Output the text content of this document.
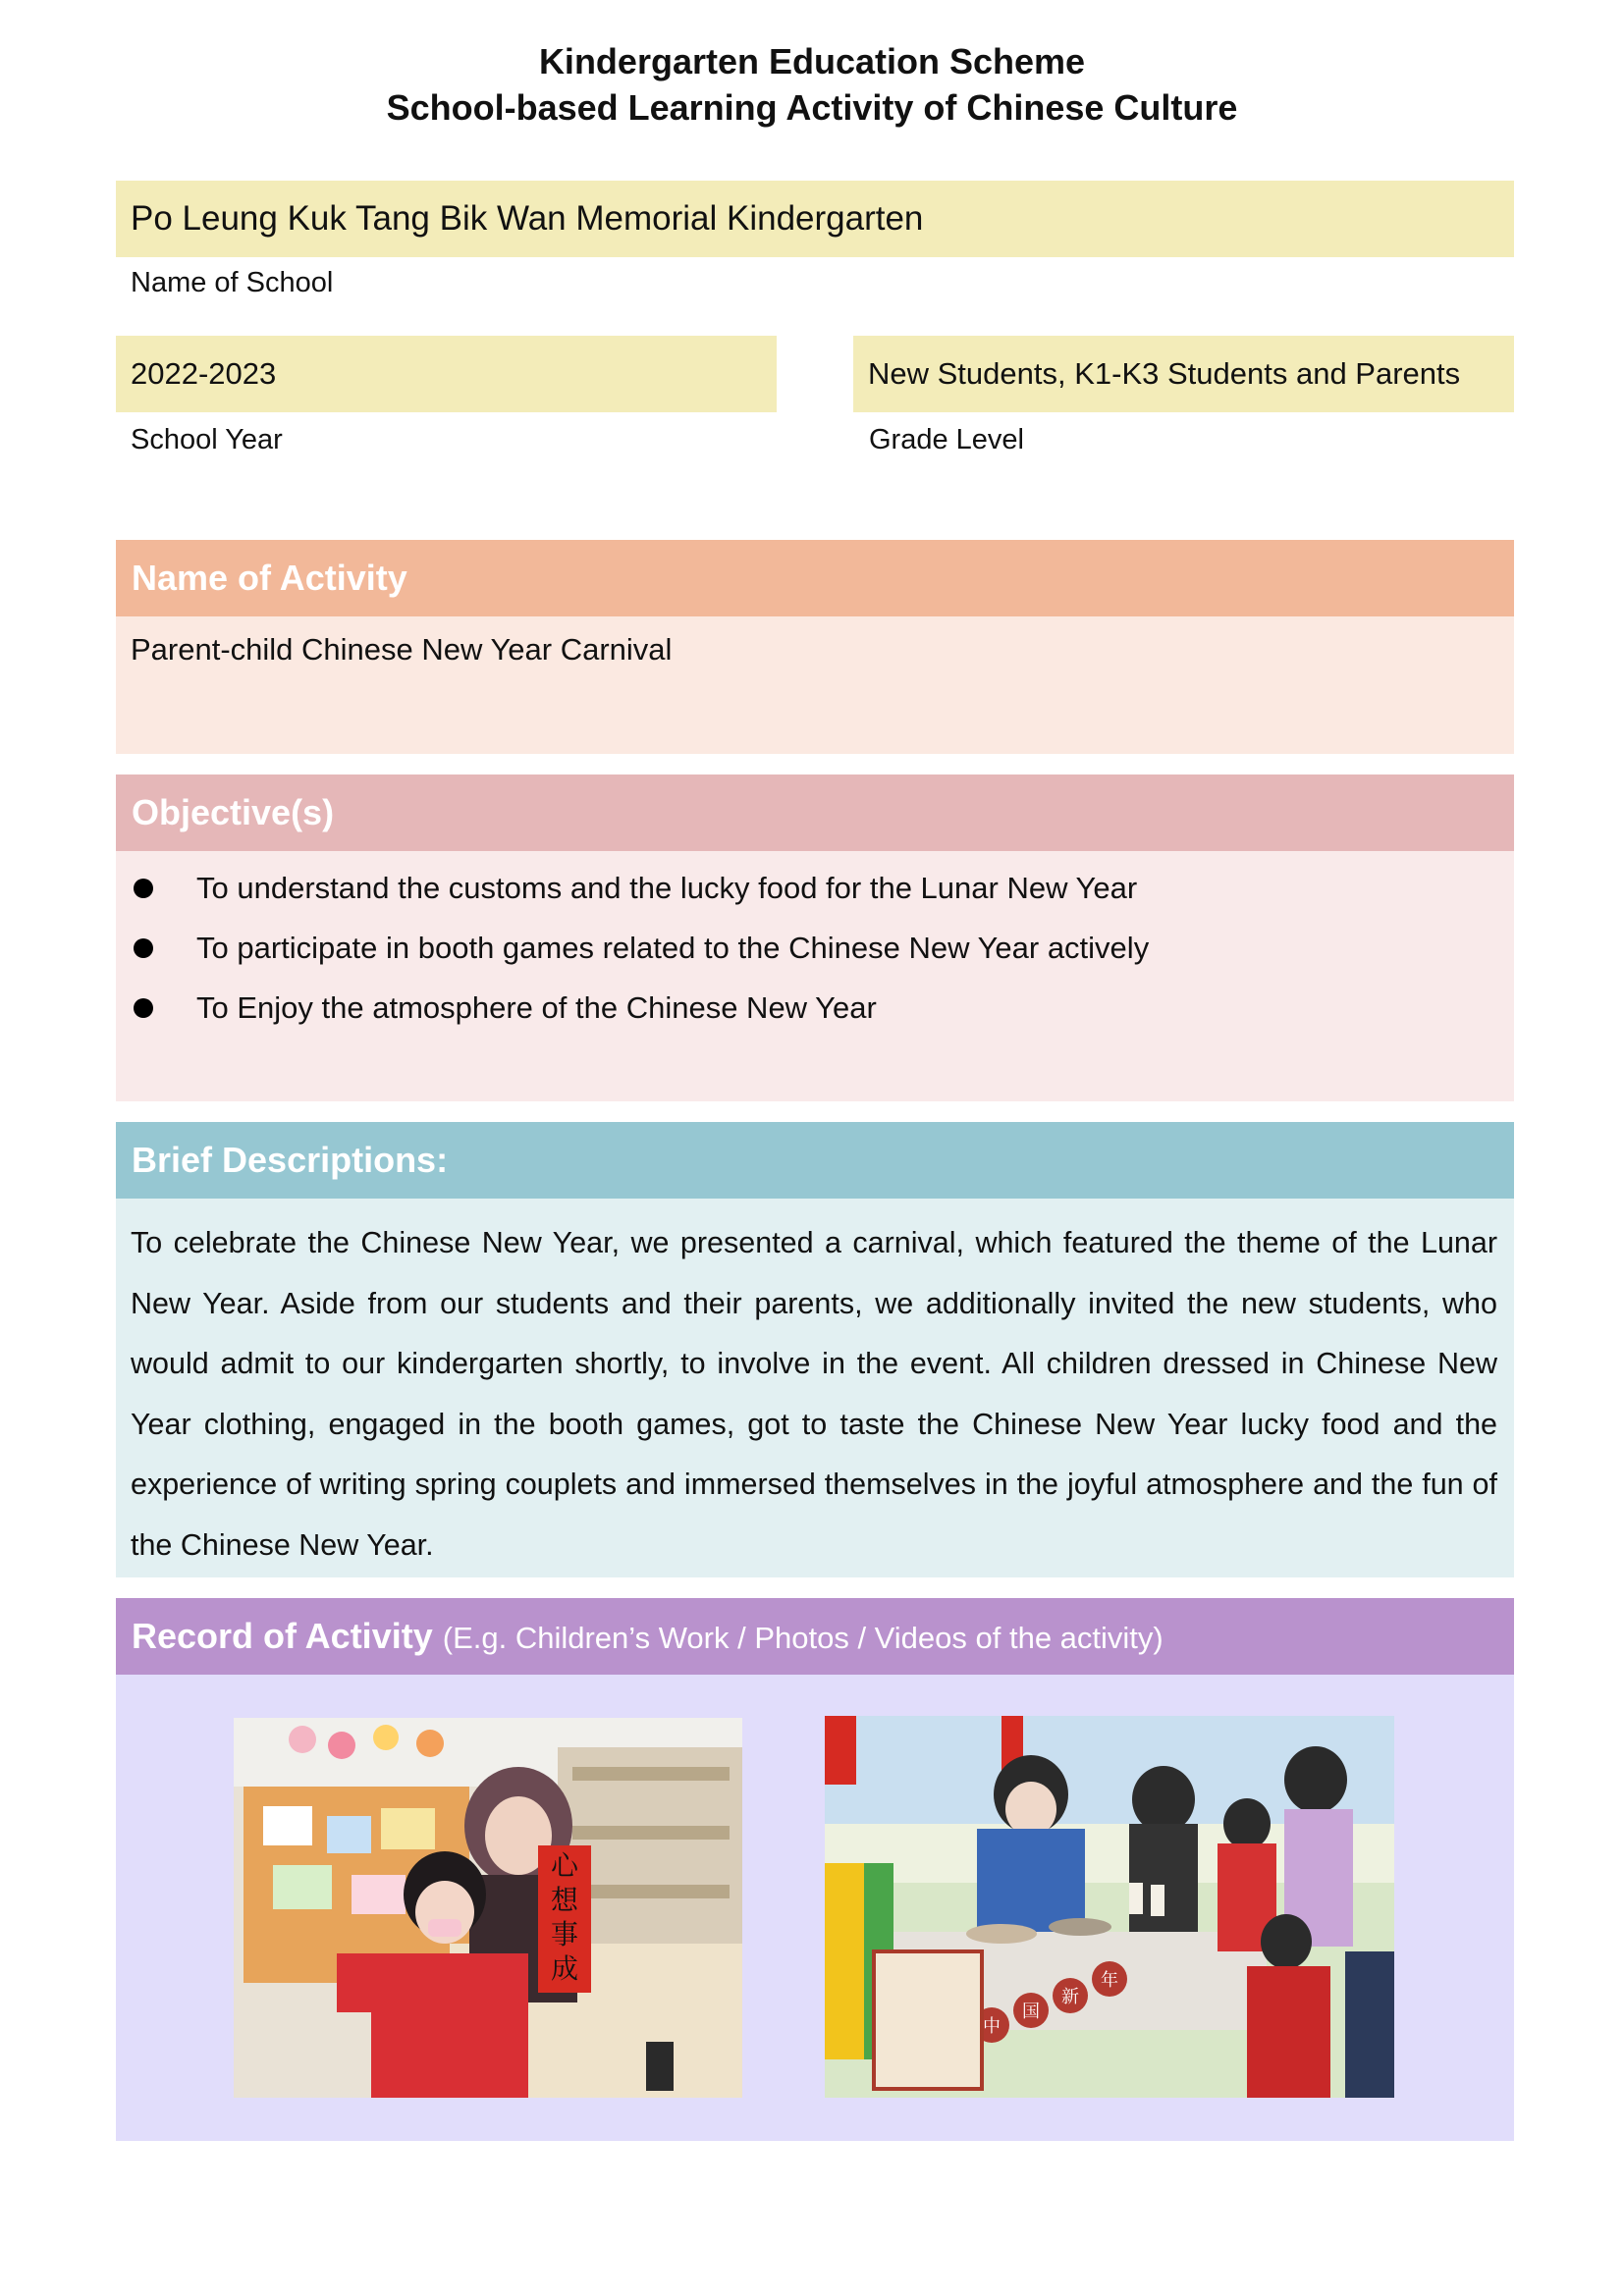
Kindergarten Education Scheme
School-based Learning Activity of Chinese Culture
Po Leung Kuk Tang Bik Wan Memorial Kindergarten
Name of School
2022-2023
School Year
New Students, K1-K3 Students and Parents
Grade Level
Name of Activity
Parent-child Chinese New Year Carnival
Objective(s)
To understand the customs and the lucky food for the Lunar New Year
To participate in booth games related to the Chinese New Year actively
To Enjoy the atmosphere of the Chinese New Year
Brief Descriptions:
To celebrate the Chinese New Year, we presented a carnival, which featured the theme of the Lunar New Year. Aside from our students and their parents, we additionally invited the new students, who would admit to our kindergarten shortly, to involve in the event. All children dressed in Chinese New Year clothing, engaged in the booth games, got to taste the Chinese New Year lucky food and the experience of writing spring couplets and immersed themselves in the joyful atmosphere and the fun of the Chinese New Year.
Record of Activity (E.g. Children’s Work / Photos / Videos of the activity)
心
想
事
成
中
国
新
年
